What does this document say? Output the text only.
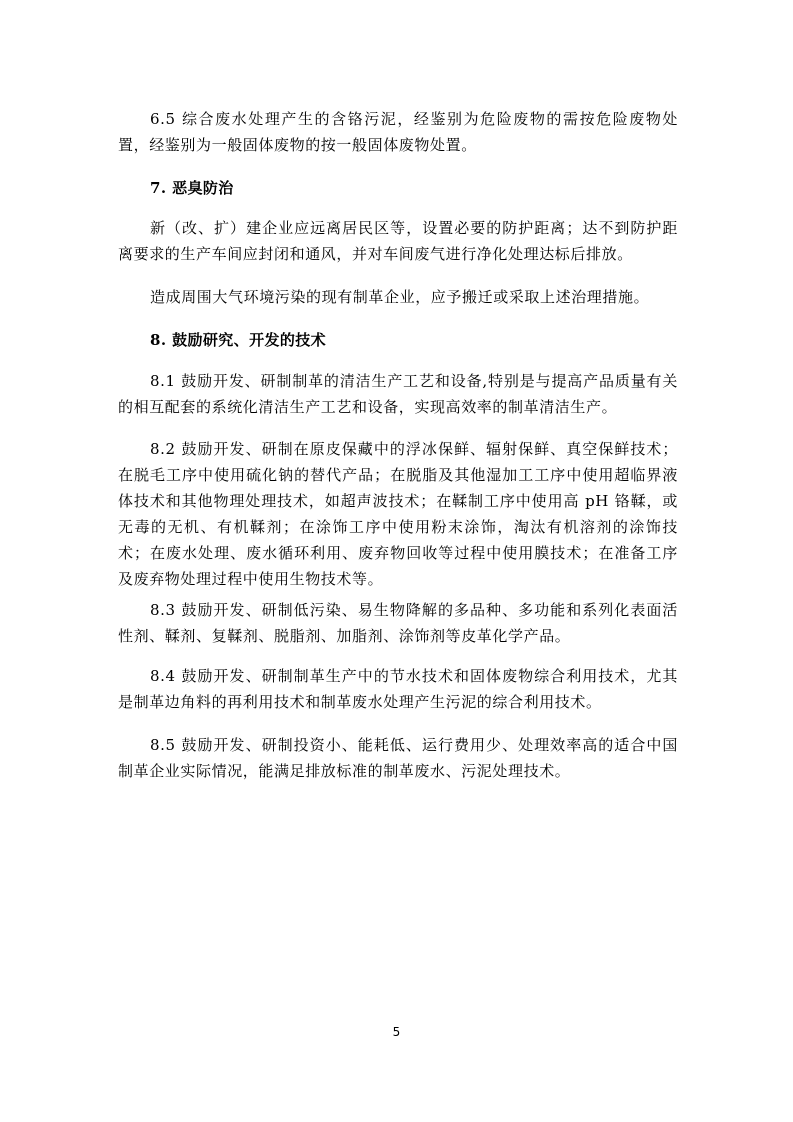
6.5 综合废水处理产生的含铬污泥，经鉴别为危险废物的需按危险废物处置，经鉴别为一般固体废物的按一般固体废物处置。

7. 恶臭防治

新（改、扩）建企业应远离居民区等，设置必要的防护距离；达不到防护距离要求的生产车间应封闭和通风，并对车间废气进行净化处理达标后排放。

造成周围大气环境污染的现有制革企业，应予搬迁或采取上述治理措施。

8. 鼓励研究、开发的技术

8.1 鼓励开发、研制制革的清洁生产工艺和设备,特别是与提高产品质量有关的相互配套的系统化清洁生产工艺和设备，实现高效率的制革清洁生产。

8.2 鼓励开发、研制在原皮保藏中的浮冰保鲜、辐射保鲜、真空保鲜技术；在脱毛工序中使用硫化钠的替代产品；在脱脂及其他湿加工工序中使用超临界液体技术和其他物理处理技术，如超声波技术；在鞣制工序中使用高 pH 铬鞣，或无毒的无机、有机鞣剂；在涂饰工序中使用粉末涂饰，淘汰有机溶剂的涂饰技术；在废水处理、废水循环利用、废弃物回收等过程中使用膜技术；在准备工序及废弃物处理过程中使用生物技术等。

8.3 鼓励开发、研制低污染、易生物降解的多品种、多功能和系列化表面活性剂、鞣剂、复鞣剂、脱脂剂、加脂剂、涂饰剂等皮革化学产品。

8.4 鼓励开发、研制制革生产中的节水技术和固体废物综合利用技术，尤其是制革边角料的再利用技术和制革废水处理产生污泥的综合利用技术。

8.5 鼓励开发、研制投资小、能耗低、运行费用少、处理效率高的适合中国制革企业实际情况，能满足排放标准的制革废水、污泥处理技术。

5
